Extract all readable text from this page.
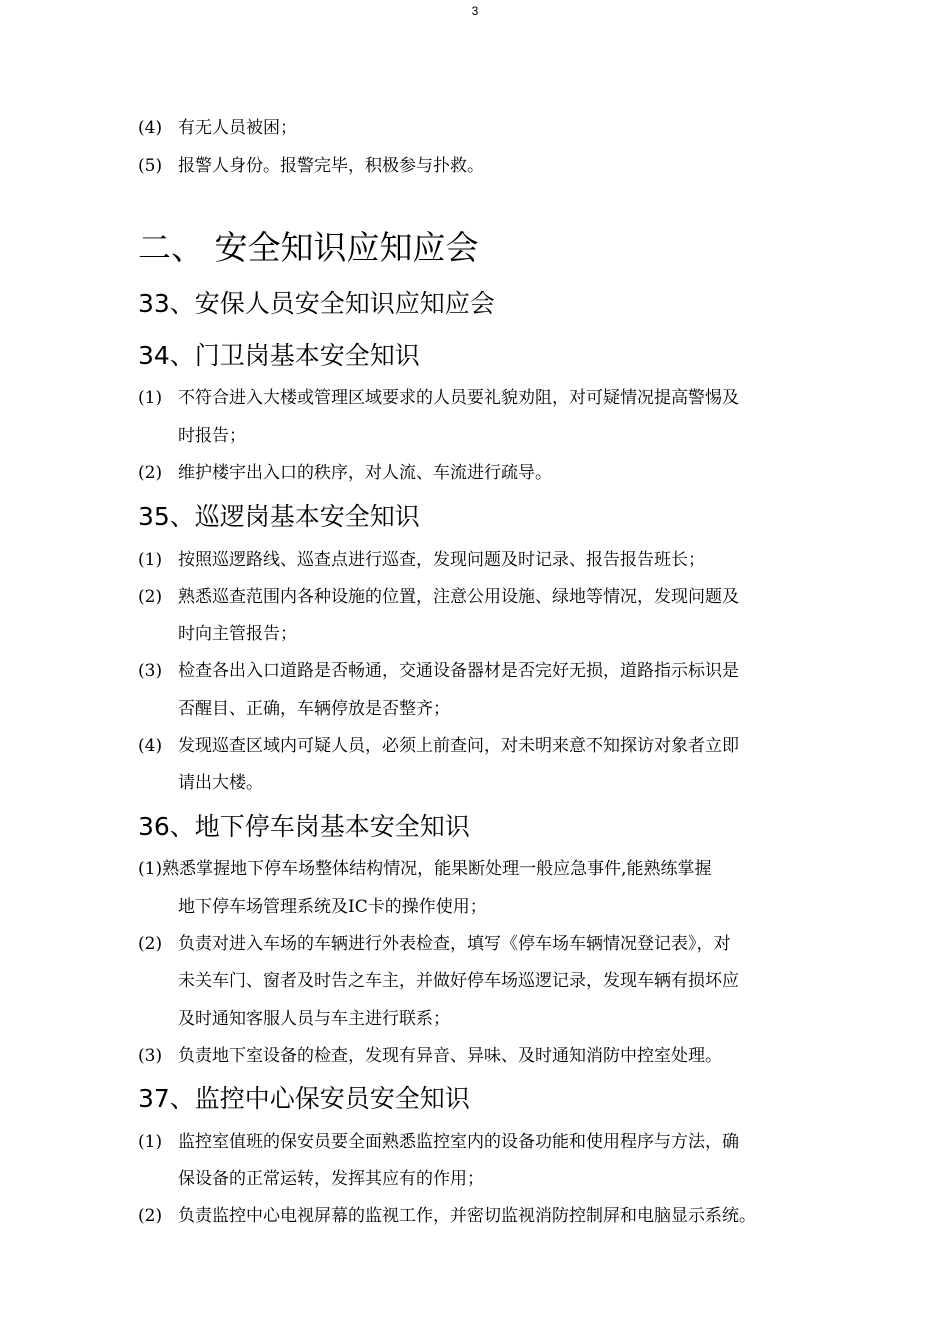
3
(4) 有无人员被困；
(5) 报警人身份。报警完毕，积极参与扑救。
二、 安全知识应知应会
33、安保人员安全知识应知应会
34、门卫岗基本安全知识
(1) 不符合进入大楼或管理区域要求的人员要礼貌劝阻，对可疑情况提高警惕及
时报告；
(2) 维护楼宇出入口的秩序，对人流、车流进行疏导。
35、巡逻岗基本安全知识
(1) 按照巡逻路线、巡查点进行巡查，发现问题及时记录、报告报告班长；
(2) 熟悉巡查范围内各种设施的位置，注意公用设施、绿地等情况，发现问题及
时向主管报告；
(3) 检查各出入口道路是否畅通，交通设备器材是否完好无损，道路指示标识是
否醒目、正确，车辆停放是否整齐；
(4) 发现巡查区域内可疑人员，必须上前查问，对未明来意不知探访对象者立即
请出大楼。
36、地下停车岗基本安全知识
(1)熟悉掌握地下停车场整体结构情况，能果断处理一般应急事件,能熟练掌握
地下停车场管理系统及IC卡的操作使用；
(2) 负责对进入车场的车辆进行外表检查，填写《停车场车辆情况登记表》，对
未关车门、窗者及时告之车主，并做好停车场巡逻记录，发现车辆有损坏应
及时通知客服人员与车主进行联系；
(3) 负责地下室设备的检查，发现有异音、异味、及时通知消防中控室处理。
37、监控中心保安员安全知识
(1) 监控室值班的保安员要全面熟悉监控室内的设备功能和使用程序与方法，确
保设备的正常运转，发挥其应有的作用；
(2) 负责监控中心电视屏幕的监视工作，并密切监视消防控制屏和电脑显示系统。
